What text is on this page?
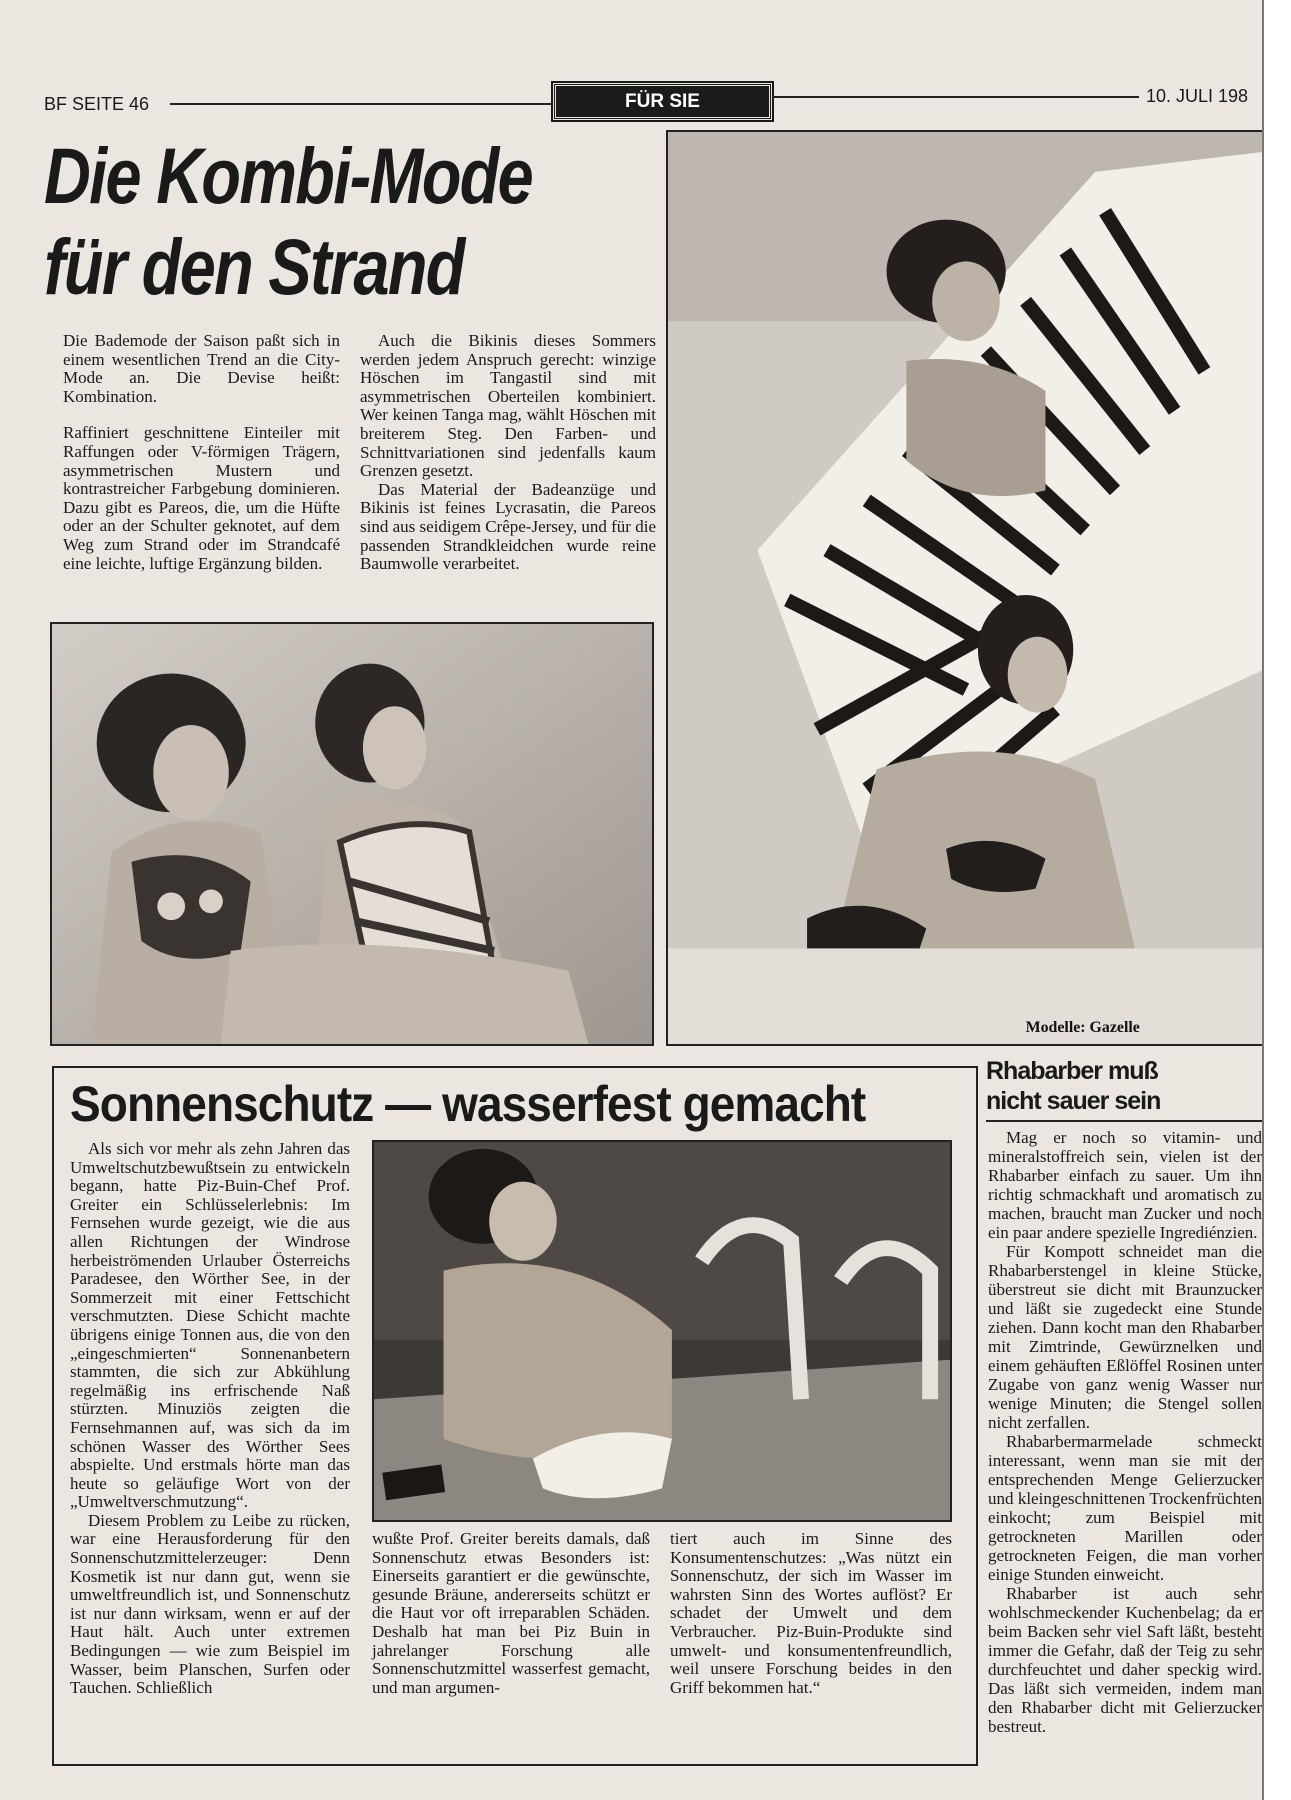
BF SEITE 46	FÜR SIE	10. JULI 198
Die Kombi-Mode
für den Strand

Die Bademode der Saison paßt sich in einem wesentlichen Trend an die City-Mode an. Die Devise heißt: Kombination.

Raffiniert geschnittene Einteiler mit Raffungen oder V-förmigen Trägern, asymmetrischen Mustern und kontrastreicher Farbgebung dominieren. Dazu gibt es Pareos, die, um die Hüfte oder an der Schulter geknotet, auf dem Weg zum Strand oder im Strandcafé eine leichte, luftige Ergänzung bilden.

Auch die Bikinis dieses Sommers werden jedem Anspruch gerecht: winzige Höschen im Tangastil sind mit asymmetrischen Oberteilen kombiniert. Wer keinen Tanga mag, wählt Höschen mit breiterem Steg. Den Farben- und Schnittvariationen sind jedenfalls kaum Grenzen gesetzt.

Das Material der Badeanzüge und Bikinis ist feines Lycrasatin, die Pareos sind aus seidigem Crêpe-Jersey, und für die passenden Strandkleidchen wurde reine Baumwolle verarbeitet.

Modelle: Gazelle
Sonnenschutz — wasserfest gemacht

Als sich vor mehr als zehn Jahren das Umweltschutzbewußtsein zu entwickeln begann, hatte Piz-Buin-Chef Prof. Greiter ein Schlüsselerlebnis: Im Fernsehen wurde gezeigt, wie die aus allen Richtungen der Windrose herbeiströmenden Urlauber Österreichs Paradesee, den Wörther See, in der Sommerzeit mit einer Fettschicht verschmutzten. Diese Schicht machte übrigens einige Tonnen aus, die von den „eingeschmierten“ Sonnenanbetern stammten, die sich zur Abkühlung regelmäßig ins erfrischende Naß stürzten. Minuziös zeigten die Fernsehmannen auf, was sich da im schönen Wasser des Wörther Sees abspielte. Und erstmals hörte man das heute so geläufige Wort von der „Umweltverschmutzung“.

Diesem Problem zu Leibe zu rücken, war eine Herausforderung für den Sonnenschutzmittelerzeuger: Denn Kosmetik ist nur dann gut, wenn sie umweltfreundlich ist, und Sonnenschutz ist nur dann wirksam, wenn er auf der Haut hält. Auch unter extremen Bedingungen — wie zum Beispiel im Wasser, beim Planschen, Surfen oder Tauchen. Schließlich

wußte Prof. Greiter bereits damals, daß Sonnenschutz etwas Besonders ist: Einerseits garantiert er die gewünschte, gesunde Bräune, andererseits schützt er die Haut vor oft irreparablen Schäden. Deshalb hat man bei Piz Buin in jahrelanger Forschung alle Sonnenschutzmittel wasserfest gemacht, und man argumen-

tiert auch im Sinne des Konsumentenschutzes: „Was nützt ein Sonnenschutz, der sich im Wasser im wahrsten Sinn des Wortes auflöst? Er schadet der Umwelt und dem Verbraucher. Piz-Buin-Produkte sind umwelt- und konsumentenfreundlich, weil unsere Forschung beides in den Griff bekommen hat.“

Rhabarber muß
nicht sauer sein

Mag er noch so vitamin- und mineralstoffreich sein, vielen ist der Rhabarber einfach zu sauer. Um ihn richtig schmackhaft und aromatisch zu machen, braucht man Zucker und noch ein paar andere spezielle Ingrediénzien.

Für Kompott schneidet man die Rhabarberstengel in kleine Stücke, überstreut sie dicht mit Braunzucker und läßt sie zugedeckt eine Stunde ziehen. Dann kocht man den Rhabarber mit Zimtrinde, Gewürznelken und einem gehäuften Eßlöffel Rosinen unter Zugabe von ganz wenig Wasser nur wenige Minuten; die Stengel sollen nicht zerfallen.

Rhabarbermarmelade schmeckt interessant, wenn man sie mit der entsprechenden Menge Gelierzucker und kleingeschnittenen Trockenfrüchten einkocht; zum Beispiel mit getrockneten Marillen oder getrockneten Feigen, die man vorher einige Stunden einweicht.

Rhabarber ist auch sehr wohlschmeckender Kuchenbelag; da er beim Backen sehr viel Saft läßt, besteht immer die Gefahr, daß der Teig zu sehr durchfeuchtet und daher speckig wird. Das läßt sich vermeiden, indem man den Rhabarber dicht mit Gelierzucker bestreut.
